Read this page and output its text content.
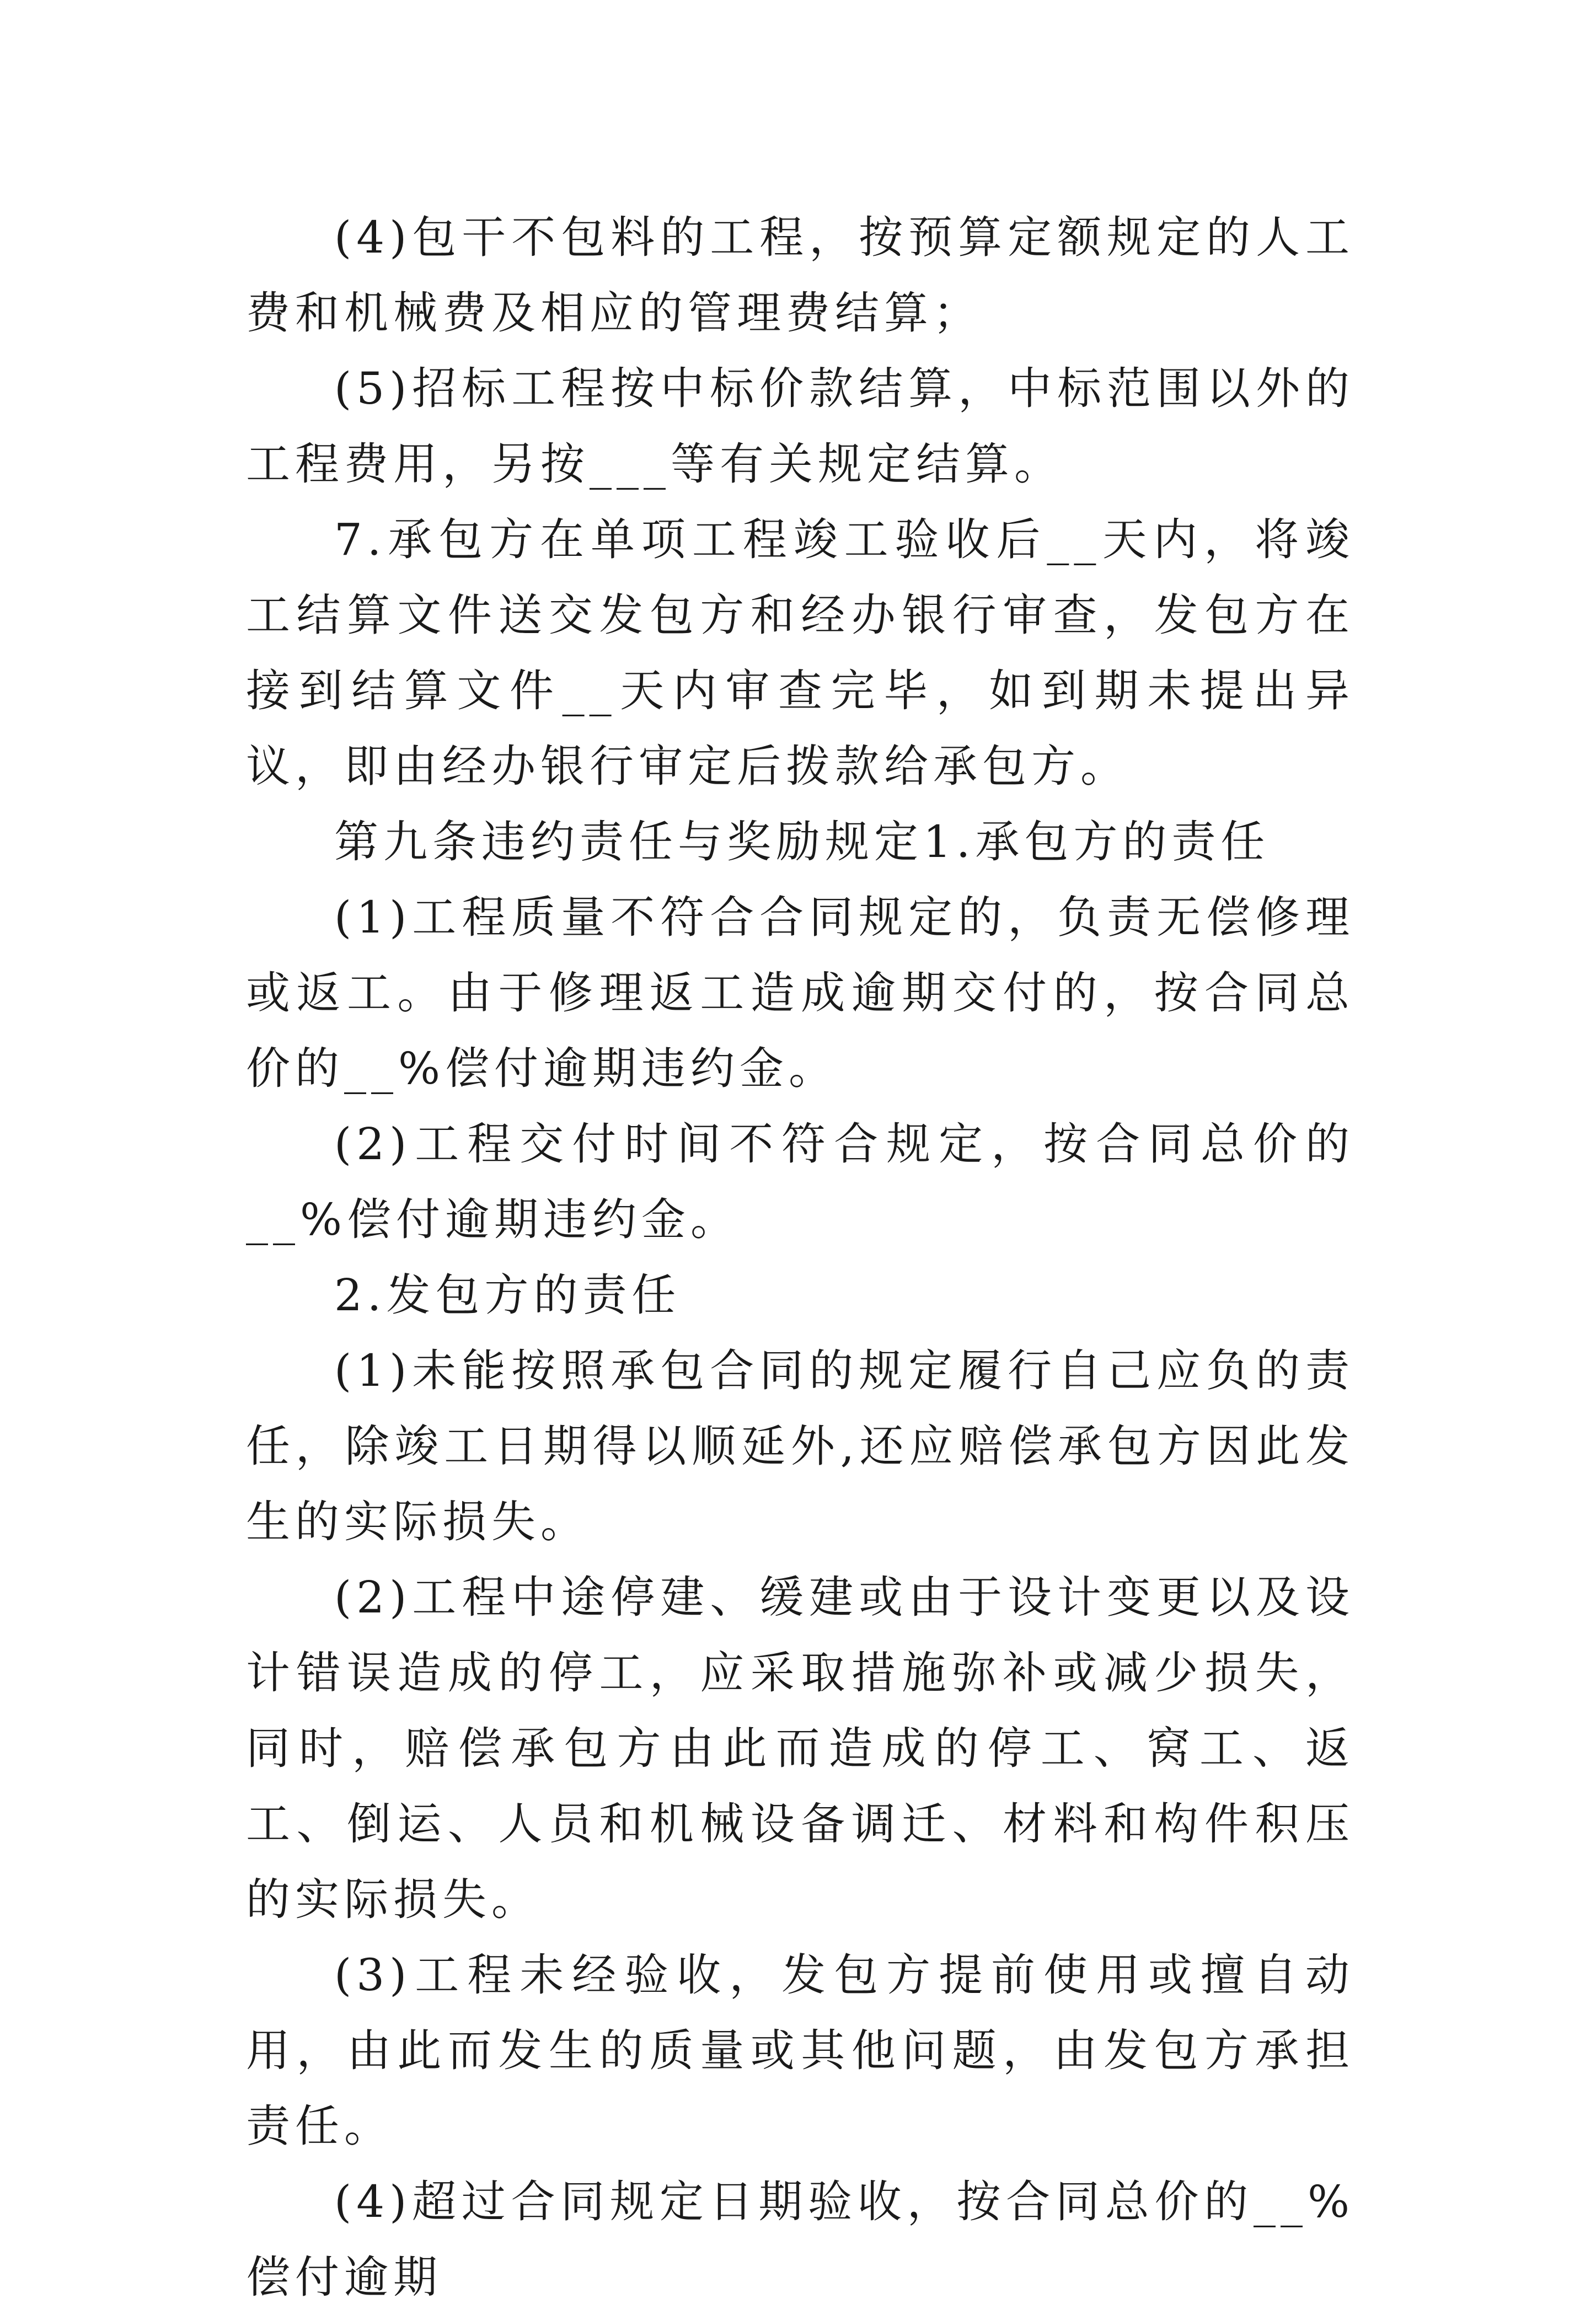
(4)包干不包料的工程，按预算定额规定的人工费和机械费及相应的管理费结算；

(5)招标工程按中标价款结算，中标范围以外的工程费用，另按___等有关规定结算。

7.承包方在单项工程竣工验收后__天内，将竣工结算文件送交发包方和经办银行审查，发包方在接到结算文件__天内审查完毕，如到期未提出异议，即由经办银行审定后拨款给承包方。

第九条违约责任与奖励规定1.承包方的责任

(1)工程质量不符合合同规定的，负责无偿修理或返工。由于修理返工造成逾期交付的，按合同总价的__%偿付逾期违约金。

(2)工程交付时间不符合规定，按合同总价的__%偿付逾期违约金。

2.发包方的责任

(1)未能按照承包合同的规定履行自己应负的责任，除竣工日期得以顺延外,还应赔偿承包方因此发生的实际损失。

(2)工程中途停建、缓建或由于设计变更以及设计错误造成的停工，应采取措施弥补或减少损失，同时，赔偿承包方由此而造成的停工、窝工、返工、倒运、人员和机械设备调迁、材料和构件积压的实际损失。

(3)工程未经验收，发包方提前使用或擅自动用，由此而发生的质量或其他问题，由发包方承担责任。

(4)超过合同规定日期验收，按合同总价的__%偿付逾期
